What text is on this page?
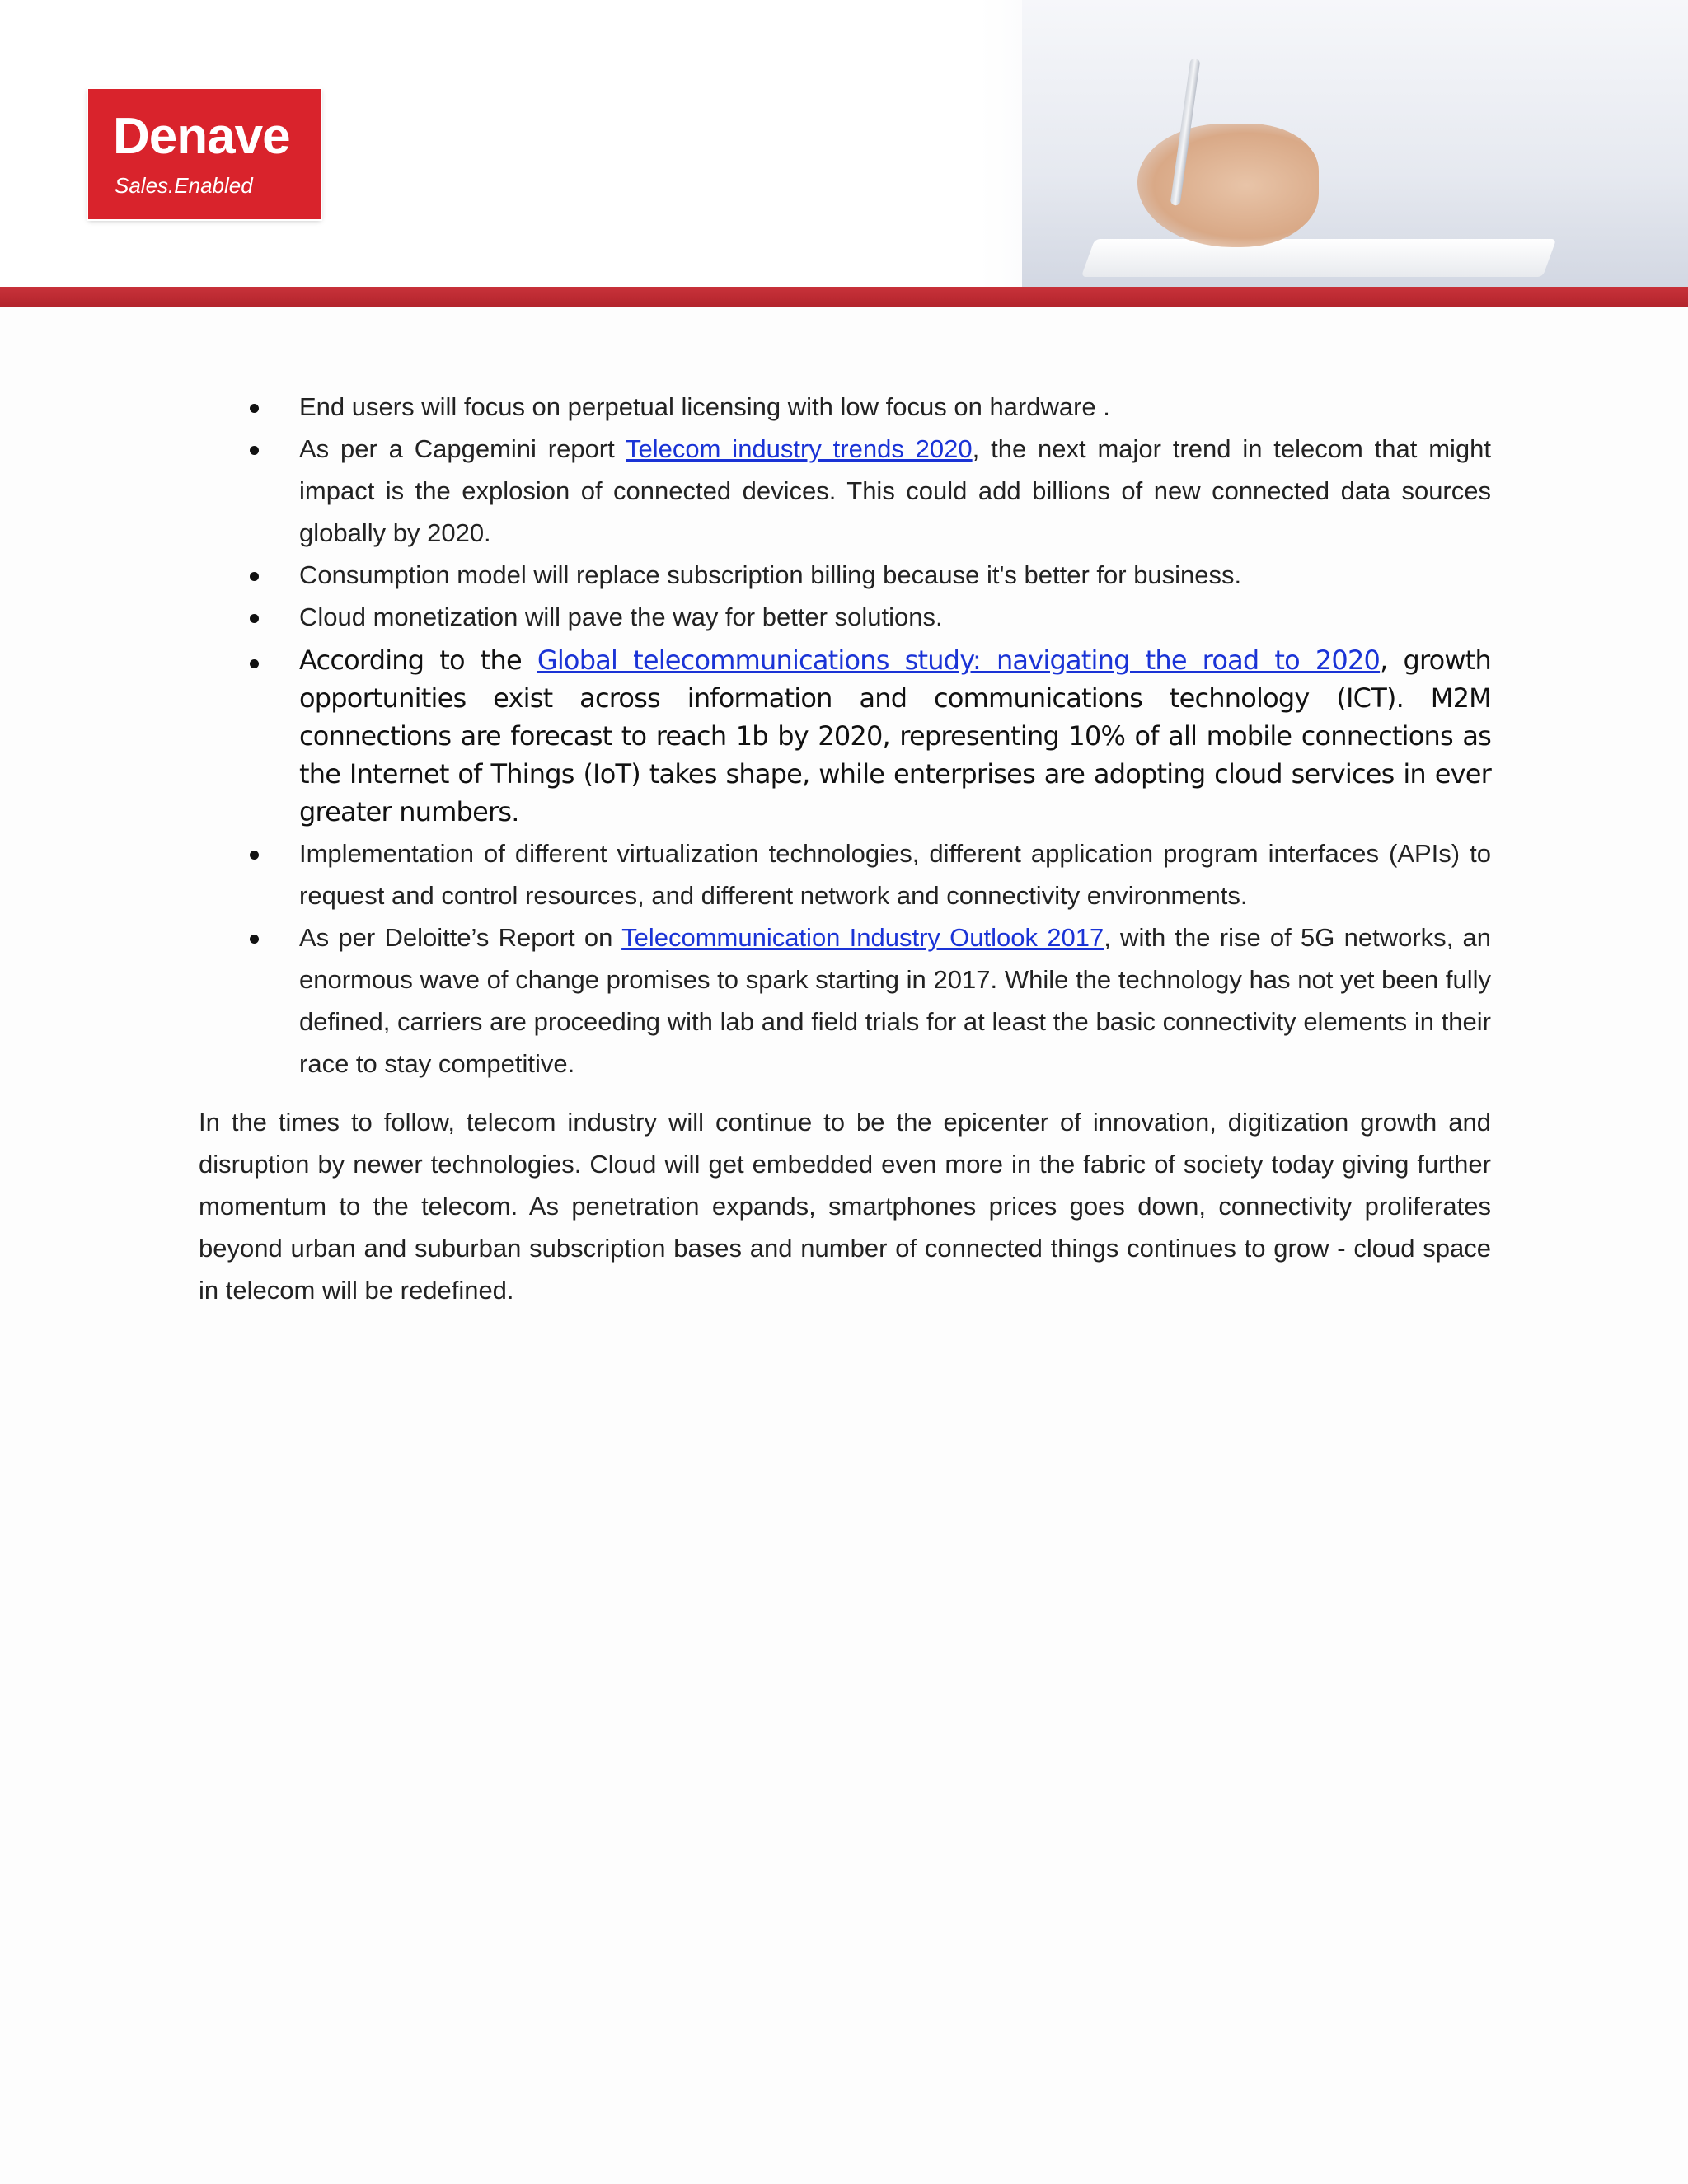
Denave
Sales.Enabled
End users will focus on perpetual licensing with low focus on hardware .
As per a Capgemini report Telecom industry trends 2020, the next major trend in telecom that might impact is the explosion of connected devices. This could add billions of new connected data sources globally by 2020.
Consumption model will replace subscription billing because it's better for business.
Cloud monetization will pave the way for better solutions.
According to the Global telecommunications study: navigating the road to 2020, growth opportunities exist across information and communications technology (ICT). M2M connections are forecast to reach 1b by 2020, representing 10% of all mobile connections as the Internet of Things (IoT) takes shape, while enterprises are adopting cloud services in ever greater numbers.
Implementation of different virtualization technologies, different application program interfaces (APIs) to request and control resources, and different network and connectivity environments.
As per Deloitte’s Report on Telecommunication Industry Outlook 2017, with the rise of 5G networks, an enormous wave of change promises to spark starting in 2017. While the technology has not yet been fully defined, carriers are proceeding with lab and field trials for at least the basic connectivity elements in their race to stay competitive.

In the times to follow, telecom industry will continue to be the epicenter of innovation, digitization growth and disruption by newer technologies. Cloud will get embedded even more in the fabric of society today giving further momentum to the telecom. As penetration expands, smartphones prices goes down, connectivity proliferates beyond urban and suburban subscription bases and number of connected things continues to grow - cloud space in telecom will be redefined.
